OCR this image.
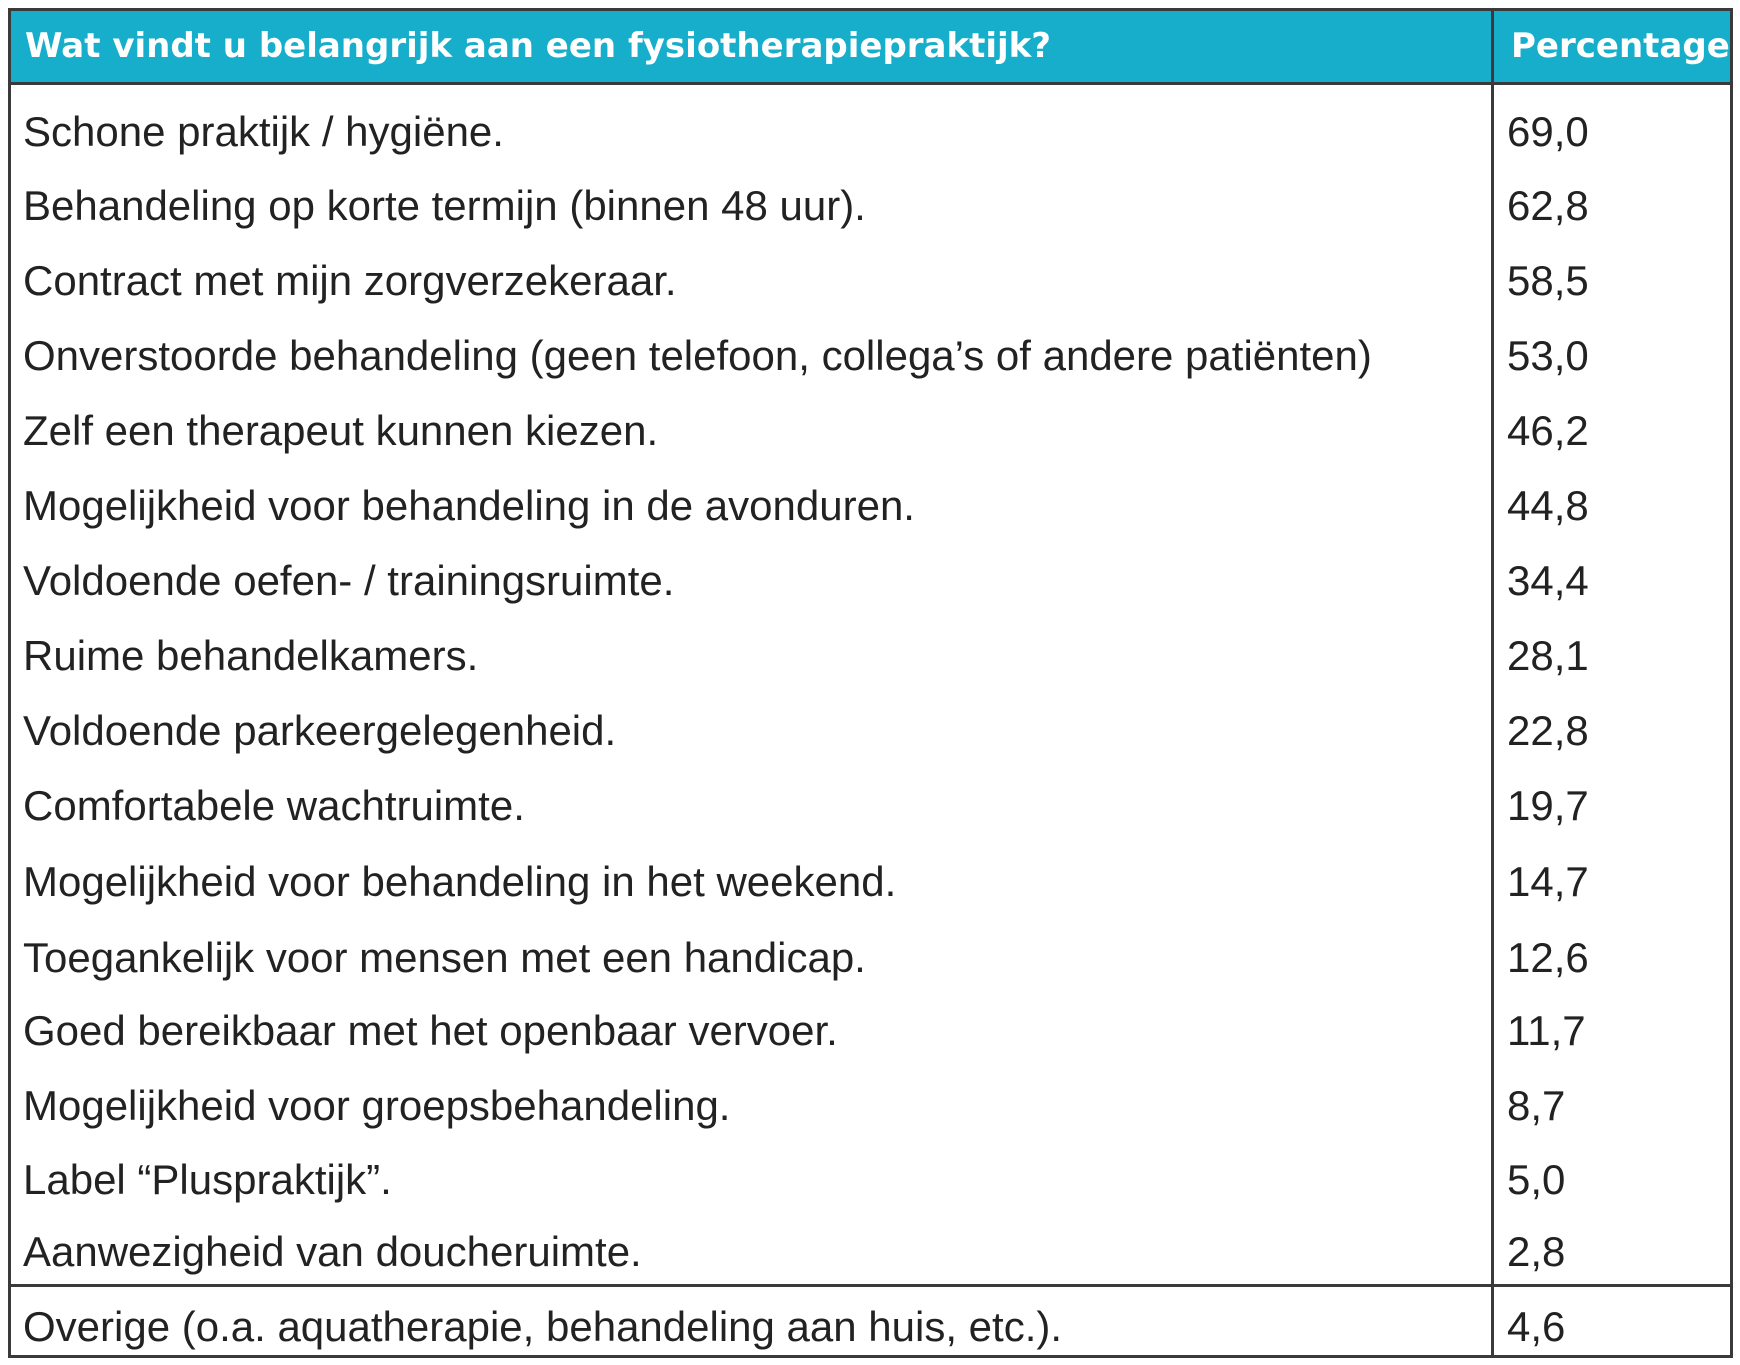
Wat vindt u belangrijk aan een fysiotherapiepraktijk?	Percentage
Schone praktijk / hygiëne.	69,0
Behandeling op korte termijn (binnen 48 uur).	62,8
Contract met mijn zorgverzekeraar.	58,5
Onverstoorde behandeling (geen telefoon, collega’s of andere patiënten)	53,0
Zelf een therapeut kunnen kiezen.	46,2
Mogelijkheid voor behandeling in de avonduren.	44,8
Voldoende oefen- / trainingsruimte.	34,4
Ruime behandelkamers.	28,1
Voldoende parkeergelegenheid.	22,8
Comfortabele wachtruimte.	19,7
Mogelijkheid voor behandeling in het weekend.	14,7
Toegankelijk voor mensen met een handicap.	12,6
Goed bereikbaar met het openbaar vervoer.	11,7
Mogelijkheid voor groepsbehandeling.	8,7
Label “Pluspraktijk”.	5,0
Aanwezigheid van doucheruimte.	2,8
Overige (o.a. aquatherapie, behandeling aan huis, etc.).	4,6
